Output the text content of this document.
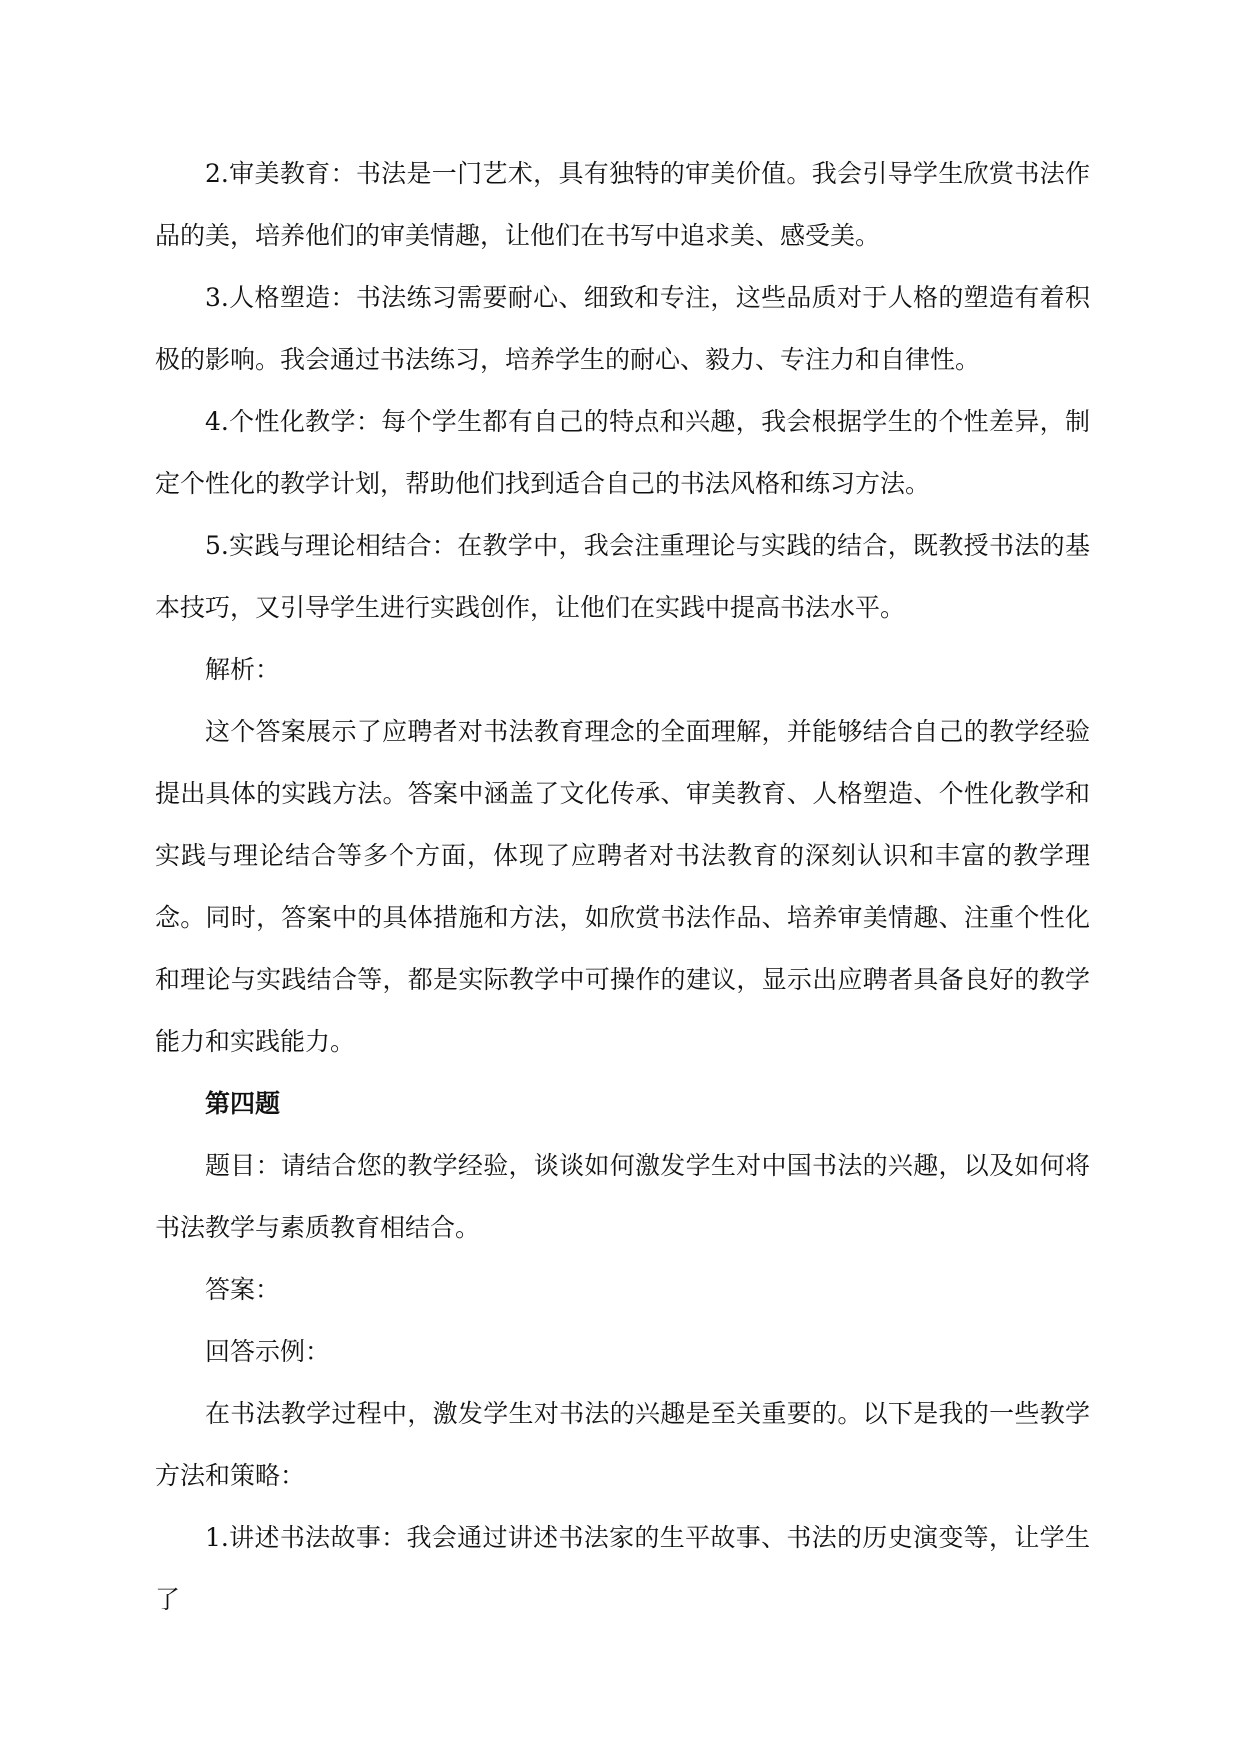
2.审美教育：书法是一门艺术，具有独特的审美价值。我会引导学生欣赏书法作品的美，培养他们的审美情趣，让他们在书写中追求美、感受美。

3.人格塑造：书法练习需要耐心、细致和专注，这些品质对于人格的塑造有着积极的影响。我会通过书法练习，培养学生的耐心、毅力、专注力和自律性。

4.个性化教学：每个学生都有自己的特点和兴趣，我会根据学生的个性差异，制定个性化的教学计划，帮助他们找到适合自己的书法风格和练习方法。

5.实践与理论相结合：在教学中，我会注重理论与实践的结合，既教授书法的基本技巧，又引导学生进行实践创作，让他们在实践中提高书法水平。

解析：

这个答案展示了应聘者对书法教育理念的全面理解，并能够结合自己的教学经验提出具体的实践方法。答案中涵盖了文化传承、审美教育、人格塑造、个性化教学和实践与理论结合等多个方面，体现了应聘者对书法教育的深刻认识和丰富的教学理念。同时，答案中的具体措施和方法，如欣赏书法作品、培养审美情趣、注重个性化和理论与实践结合等，都是实际教学中可操作的建议，显示出应聘者具备良好的教学能力和实践能力。

第四题

题目：请结合您的教学经验，谈谈如何激发学生对中国书法的兴趣，以及如何将书法教学与素质教育相结合。

答案：

回答示例：

在书法教学过程中，激发学生对书法的兴趣是至关重要的。以下是我的一些教学方法和策略：

1.讲述书法故事：我会通过讲述书法家的生平故事、书法的历史演变等，让学生了
